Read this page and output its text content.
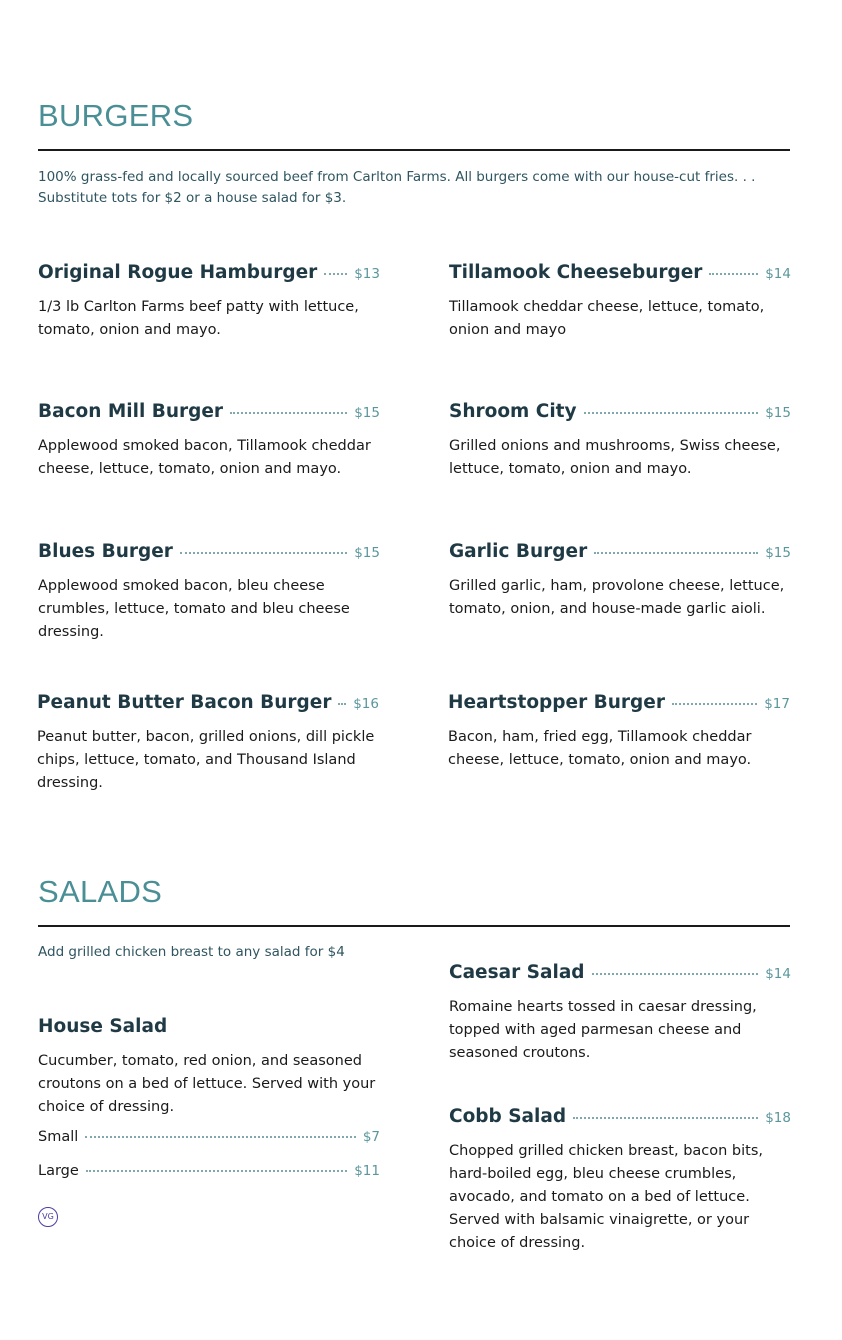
BURGERS

100% grass-fed and locally sourced beef from Carlton Farms. All burgers come with our house-cut fries. . .
Substitute tots for $2 or a house salad for $3.

Original Rogue Hamburger	$13

1/3 lb Carlton Farms beef patty with lettuce, tomato, onion and mayo.

Tillamook Cheeseburger	$14

Tillamook cheddar cheese, lettuce, tomato, onion and mayo

Bacon Mill Burger	$15

Applewood smoked bacon, Tillamook cheddar cheese, lettuce, tomato, onion and mayo.

Shroom City	$15

Grilled onions and mushrooms, Swiss cheese, lettuce, tomato, onion and mayo.

Blues Burger	$15

Applewood smoked bacon, bleu cheese crumbles, lettuce, tomato and bleu cheese dressing.

Garlic Burger	$15

Grilled garlic, ham, provolone cheese, lettuce, tomato, onion, and house-made garlic aioli.

Peanut Butter Bacon Burger $16

Peanut butter, bacon, grilled onions, dill pickle chips, lettuce, tomato, and Thousand Island dressing.

Heartstopper Burger	$17

Bacon, ham, fried egg, Tillamook cheddar cheese, lettuce, tomato, onion and mayo.

SALADS

Add grilled chicken breast to any salad for $4

House Salad

Cucumber, tomato, red onion, and seasoned croutons on a bed of lettuce. Served with your choice of dressing.

Small	$7
Large	$11
VG
Caesar Salad	$14

Romaine hearts tossed in caesar dressing, topped with aged parmesan cheese and seasoned croutons.

Cobb Salad	$18

Chopped grilled chicken breast, bacon bits, hard-boiled egg, bleu cheese crumbles, avocado, and tomato on a bed of lettuce. Served with balsamic vinaigrette, or your choice of dressing.
